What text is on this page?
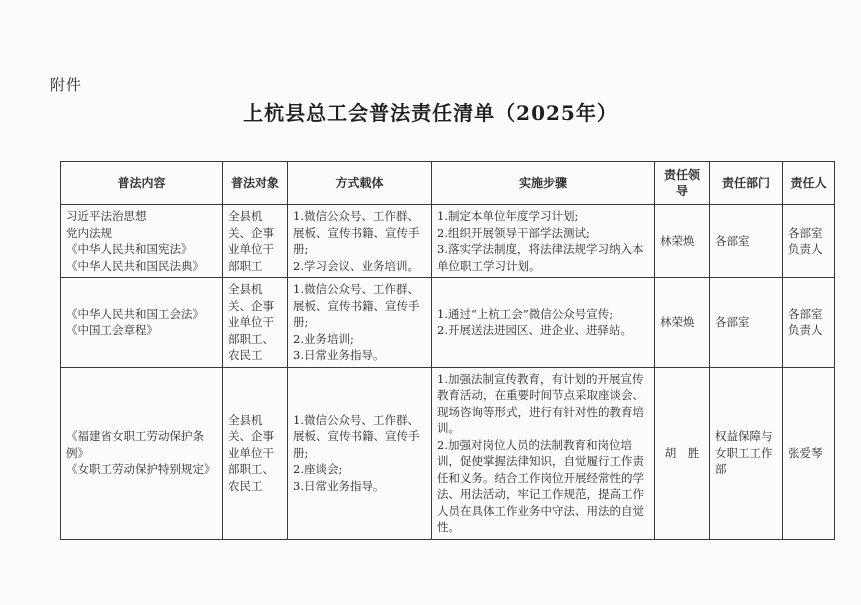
附件
上杭县总工会普法责任清单（2025年）
普法内容	普法对象	方式载体	实施步骤	责任领导	责任部门	责任人

习近平法治思想
党内法规
《中华人民共和国宪法》
《中华人民共和国民法典》	全县机关、企事业单位干部职工	1.微信公众号、工作群、展板、宣传书籍、宣传手册;
2.学习会议、业务培训。	1.制定本单位年度学习计划;
2.组织开展领导干部学法测试;
3.落实学法制度，将法律法规学习纳入本单位职工学习计划。	林荣焕	各部室	各部室负责人

《中华人民共和国工会法》
《中国工会章程》	全县机关、企事业单位干部职工、农民工	1.微信公众号、工作群、展板、宣传书籍、宣传手册;
2.业务培训;
3.日常业务指导。	1.通过“上杭工会”微信公众号宣传;
2.开展送法进园区、进企业、进驿站。	林荣焕	各部室	各部室负责人

《福建省女职工劳动保护条例》
《女职工劳动保护特别规定》	全县机关、企事业单位干部职工、农民工	1.微信公众号、工作群、展板、宣传书籍、宣传手册;
2.座谈会;
3.日常业务指导。	1.加强法制宣传教育，有计划的开展宣传教育活动，在重要时间节点采取座谈会、现场咨询等形式，进行有针对性的教育培训。
2.加强对岗位人员的法制教育和岗位培训，促使掌握法律知识，自觉履行工作责任和义务。结合工作岗位开展经常性的学法、用法活动，牢记工作规范，提高工作人员在具体工作业务中守法、用法的自觉性。	胡　胜	权益保障与女职工工作部	张爱琴
